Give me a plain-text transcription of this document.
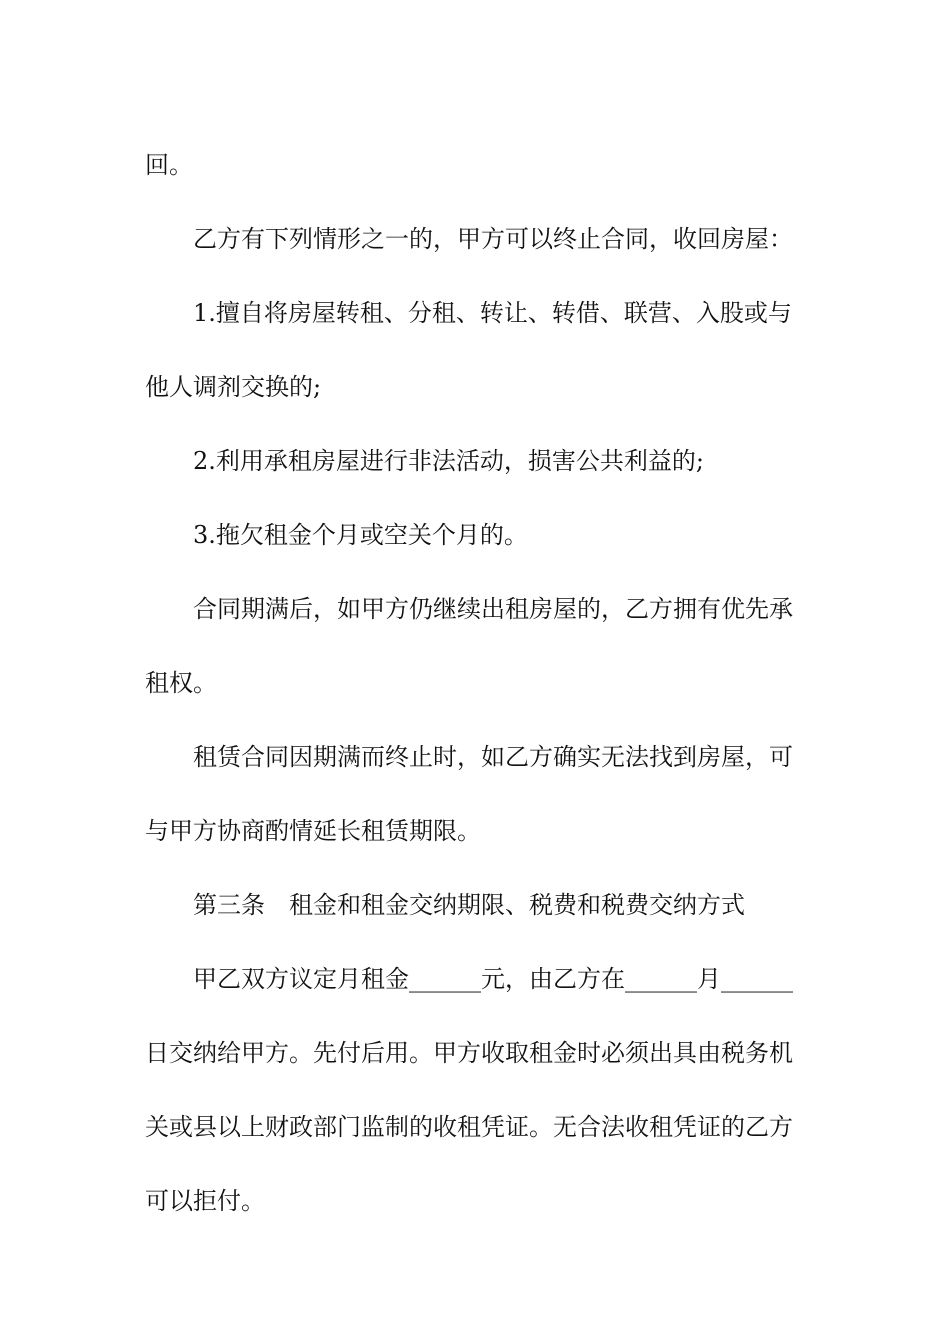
回。

乙方有下列情形之一的，甲方可以终止合同，收回房屋：

1.擅自将房屋转租、分租、转让、转借、联营、入股或与他人调剂交换的;

2.利用承租房屋进行非法活动，损害公共利益的;

3.拖欠租金个月或空关个月的。

合同期满后，如甲方仍继续出租房屋的，乙方拥有优先承租权。

租赁合同因期满而终止时，如乙方确实无法找到房屋，可与甲方协商酌情延长租赁期限。

第三条　租金和租金交纳期限、税费和税费交纳方式

甲乙双方议定月租金______元，由乙方在______月______日交纳给甲方。先付后用。甲方收取租金时必须出具由税务机关或县以上财政部门监制的收租凭证。无合法收租凭证的乙方可以拒付。
